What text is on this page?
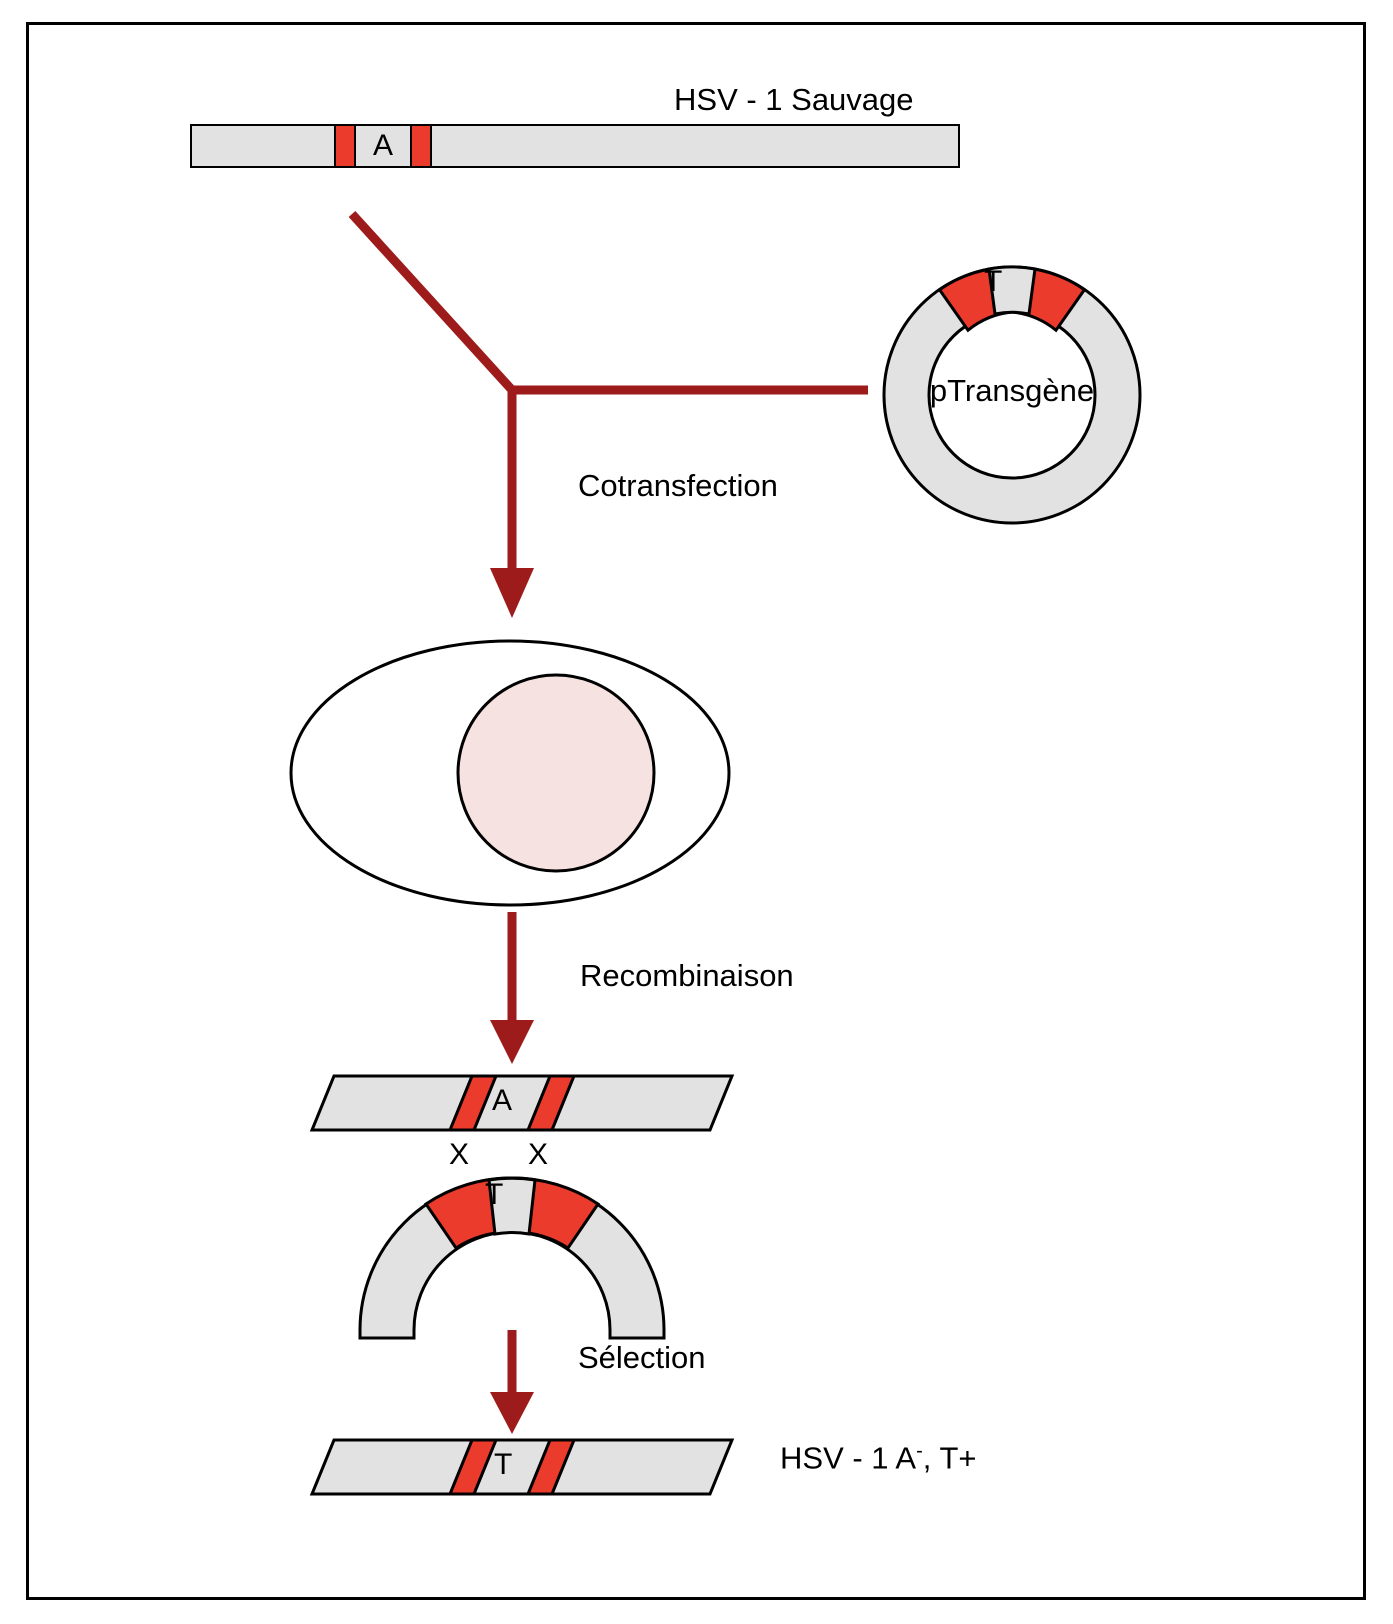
HSV - 1 Sauvage
A
Cotransfection
T
pTransgène
Recombinaison
A
X X
T
Sélection
T	HSV - 1 A-, T+
